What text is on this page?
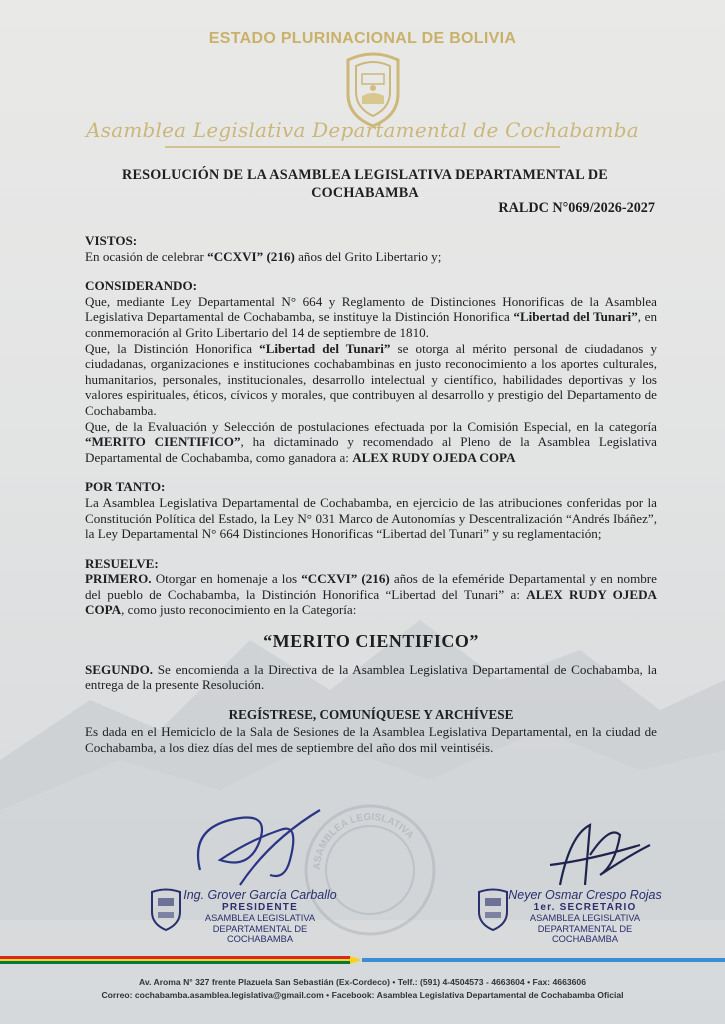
ESTADO PLURINACIONAL DE BOLIVIA
Asamblea Legislativa Departamental de Cochabamba
RESOLUCIÓN DE LA ASAMBLEA LEGISLATIVA DEPARTAMENTAL DE COCHABAMBA
RALDC N°069/2026-2027

VISTOS:

En ocasión de celebrar “CCXVI” (216) años del Grito Libertario y;

CONSIDERANDO:

Que, mediante Ley Departamental N° 664 y Reglamento de Distinciones Honorificas de la Asamblea Legislativa Departamental de Cochabamba, se instituye la Distinción Honorifica “Libertad del Tunari”, en conmemoración al Grito Libertario del 14 de septiembre de 1810.

Que, la Distinción Honorifica “Libertad del Tunari” se otorga al mérito personal de ciudadanos y ciudadanas, organizaciones e instituciones cochabambinas en justo reconocimiento a los aportes culturales, humanitarios, personales, institucionales, desarrollo intelectual y científico, habilidades deportivas y los valores espirituales, éticos, cívicos y morales, que contribuyen al desarrollo y prestigio del Departamento de Cochabamba.

Que, de la Evaluación y Selección de postulaciones efectuada por la Comisión Especial, en la categoría “MERITO CIENTIFICO”, ha dictaminado y recomendado al Pleno de la Asamblea Legislativa Departamental de Cochabamba, como ganadora a: ALEX RUDY OJEDA COPA

POR TANTO:

La Asamblea Legislativa Departamental de Cochabamba, en ejercicio de las atribuciones conferidas por la Constitución Política del Estado, la Ley N° 031 Marco de Autonomías y Descentralización “Andrés Ibáñez”, la Ley Departamental N° 664 Distinciones Honorificas “Libertad del Tunari” y su reglamentación;

RESUELVE:

PRIMERO. Otorgar en homenaje a los “CCXVI” (216) años de la efeméride Departamental y en nombre del pueblo de Cochabamba, la Distinción Honorifica “Libertad del Tunari” a: ALEX RUDY OJEDA COPA, como justo reconocimiento en la Categoría:

“MERITO CIENTIFICO”

SEGUNDO. Se encomienda a la Directiva de la Asamblea Legislativa Departamental de Cochabamba, la entrega de la presente Resolución.

REGÍSTRESE, COMUNÍQUESE Y ARCHÍVESE

Es dada en el Hemiciclo de la Sala de Sesiones de la Asamblea Legislativa Departamental, en la ciudad de Cochabamba, a los diez días del mes de septiembre del año dos mil veintiséis.

ASAMBLEA LEGISLATIVA
Ing. Grover García Carballo
PRESIDENTE
ASAMBLEA LEGISLATIVA
DEPARTAMENTAL DE COCHABAMBA
Neyer Osmar Crespo Rojas
1er. SECRETARIO
ASAMBLEA LEGISLATIVA
DEPARTAMENTAL DE COCHABAMBA
Av. Aroma N° 327 frente Plazuela San Sebastián (Ex-Cordeco) • Telf.: (591) 4-4504573 - 4663604 • Fax: 4663606
Correo: cochabamba.asamblea.legislativa@gmail.com • Facebook: Asamblea Legislativa Departamental de Cochabamba Oficial
